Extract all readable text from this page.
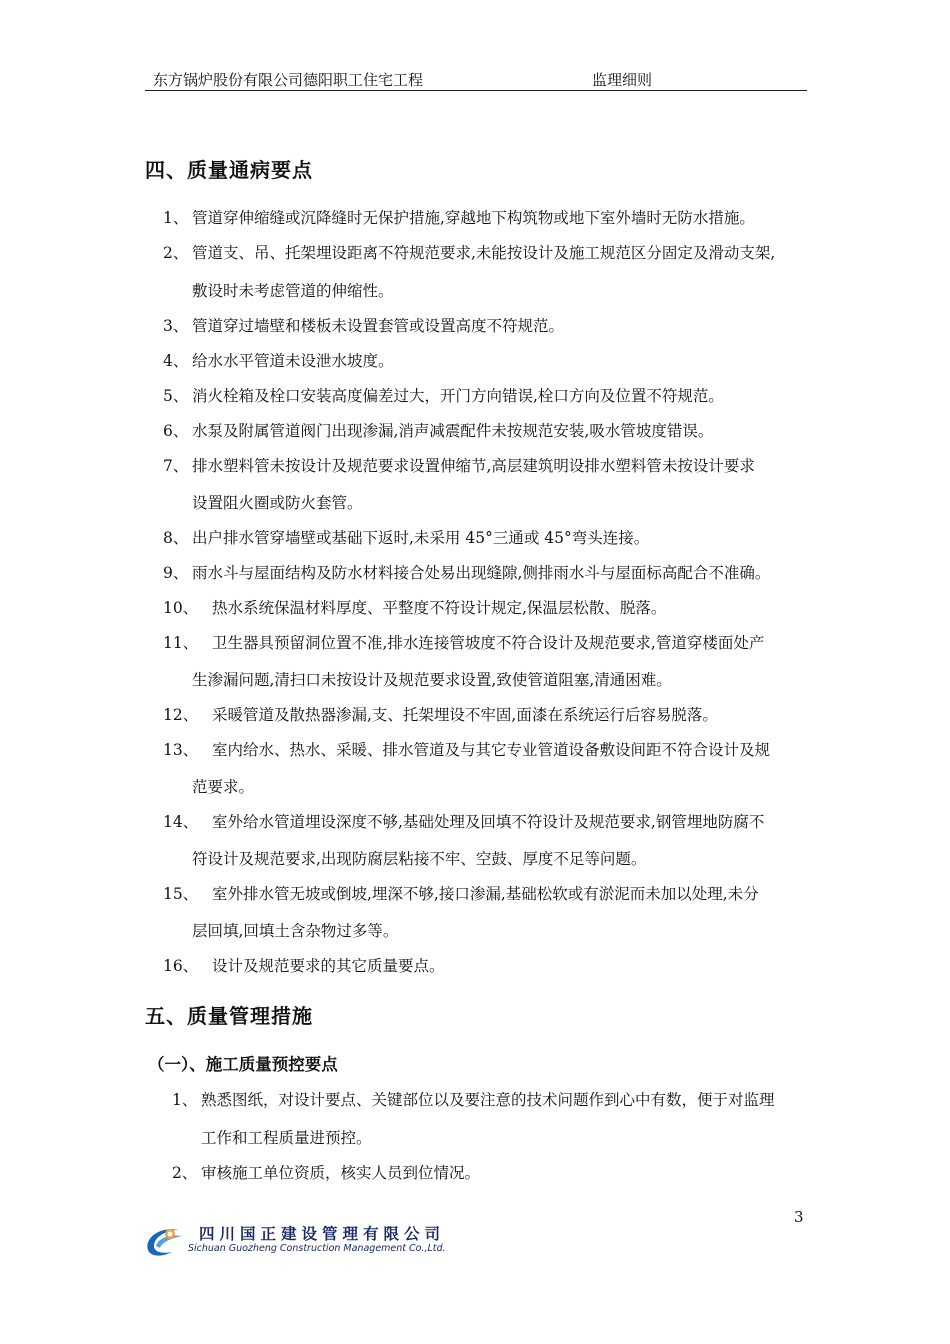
东方锅炉股份有限公司德阳职工住宅工程	监理细则
四、质量通病要点
1、 管道穿伸缩缝或沉降缝时无保护措施,穿越地下构筑物或地下室外墙时无防水措施。
2、 管道支、吊、托架埋设距离不符规范要求,未能按设计及施工规范区分固定及滑动支架,
敷设时未考虑管道的伸缩性。
3、 管道穿过墙壁和楼板未设置套管或设置高度不符规范。
4、 给水水平管道未设泄水坡度。
5、 消火栓箱及栓口安装高度偏差过大，开门方向错误,栓口方向及位置不符规范。
6、 水泵及附属管道阀门出现渗漏,消声减震配件未按规范安装,吸水管坡度错误。
7、 排水塑料管未按设计及规范要求设置伸缩节,高层建筑明设排水塑料管未按设计要求
设置阻火圈或防火套管。
8、 出户排水管穿墙壁或基础下返时,未采用 45°三通或 45°弯头连接。
9、 雨水斗与屋面结构及防水材料接合处易出现缝隙,侧排雨水斗与屋面标高配合不准确。
10、 热水系统保温材料厚度、平整度不符设计规定,保温层松散、脱落。
11、 卫生器具预留洞位置不准,排水连接管坡度不符合设计及规范要求,管道穿楼面处产
生渗漏问题,清扫口未按设计及规范要求设置,致使管道阻塞,清通困难。
12、 采暖管道及散热器渗漏,支、托架埋设不牢固,面漆在系统运行后容易脱落。
13、 室内给水、热水、采暖、排水管道及与其它专业管道设备敷设间距不符合设计及规
范要求。
14、 室外给水管道埋设深度不够,基础处理及回填不符设计及规范要求,钢管埋地防腐不
符设计及规范要求,出现防腐层粘接不牢、空鼓、厚度不足等问题。
15、 室外排水管无坡或倒坡,埋深不够,接口渗漏,基础松软或有淤泥而未加以处理,未分
层回填,回填土含杂物过多等。
16、 设计及规范要求的其它质量要点。
五、质量管理措施
（一）、施工质量预控要点
1、 熟悉图纸，对设计要点、关键部位以及要注意的技术问题作到心中有数，便于对监理
工作和工程质量进预控。
2、 审核施工单位资质，核实人员到位情况。
3
四川国正建设管理有限公司
Sichuan Guozheng Construction Management Co.,Ltd.
